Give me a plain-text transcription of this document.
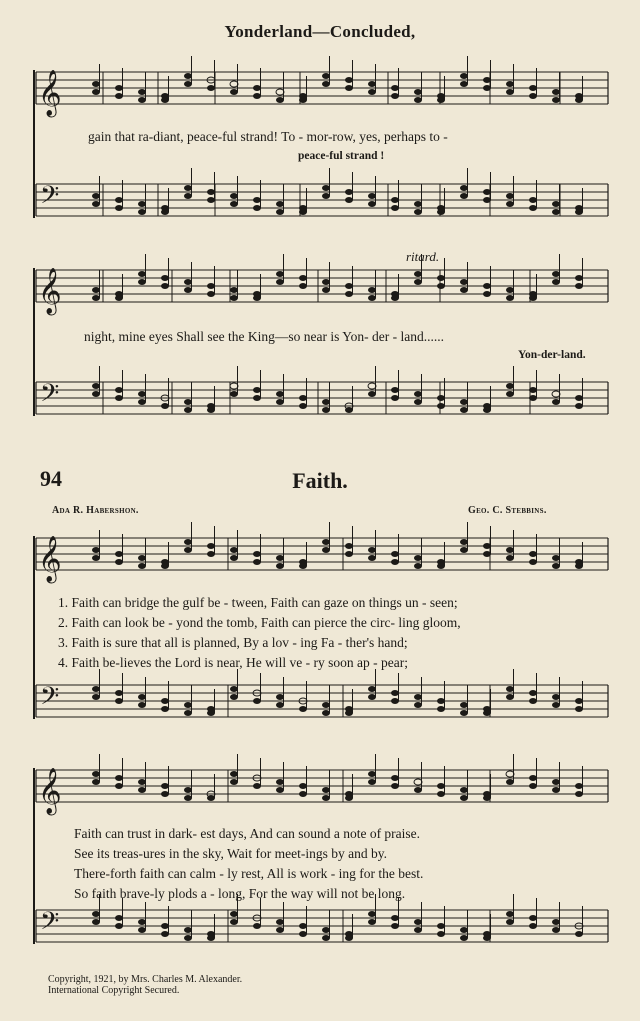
Yonderland—Concluded,
𝄞
𝄢
𝄞
𝄢
𝄞
𝄢
𝄞
𝄢
gain that ra-diant, peace-ful strand! To - mor-row, yes, perhaps to -
peace-ful strand !
ritard.
night, mine eyes Shall see the King—so near is Yon- der - land......
Yon-der-land.
94	Faith.
Ada R. Habershon.	Geo. C. Stebbins.
1. Faith can bridge the gulf be - tween, Faith can gaze on things un - seen;
2. Faith can look be - yond the tomb, Faith can pierce the circ- ling gloom,
3. Faith is sure that all is planned, By a lov - ing Fa - ther's hand;
4. Faith be-lieves the Lord is near, He will ve - ry soon ap - pear;
Faith can trust in dark- est days, And can sound a note of praise.
See its treas-ures in the sky, Wait for meet-ings by and by.
There-forth faith can calm - ly rest, All is work - ing for the best.
So faith brave-ly plods a - long, For the way will not be long.
Copyright, 1921, by Mrs. Charles M. Alexander.
International Copyright Secured.
